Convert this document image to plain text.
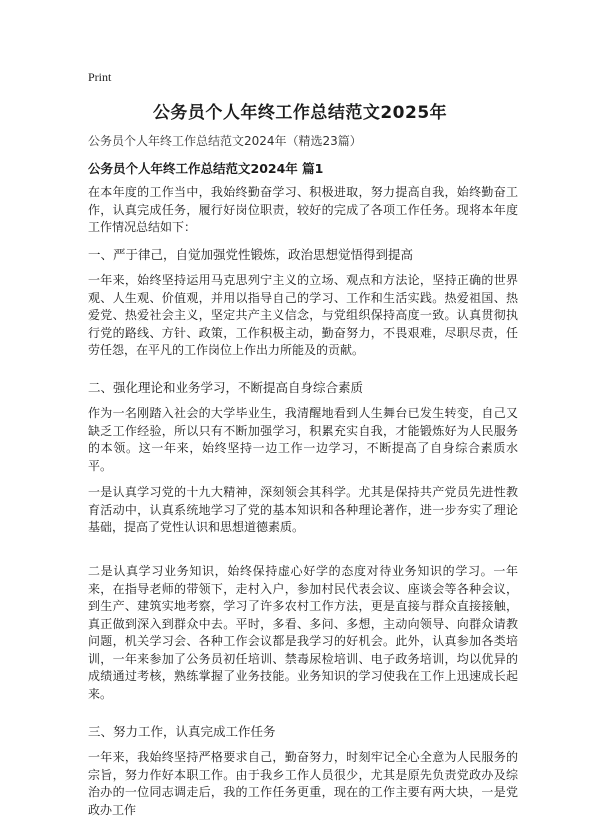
Print
公务员个人年终工作总结范文2025年
公务员个人年终工作总结范文2024年（精选23篇）
公务员个人年终工作总结范文2024年 篇1

在本年度的工作当中，我始终勤奋学习、积极进取，努力提高自我，始终勤奋工作，认真完成任务，履行好岗位职责，较好的完成了各项工作任务。现将本年度工作情况总结如下：

一、严于律己，自觉加强党性锻炼，政治思想觉悟得到提高

一年来，始终坚持运用马克思列宁主义的立场、观点和方法论，坚持正确的世界观、人生观、价值观，并用以指导自己的学习、工作和生活实践。热爱祖国、热爱党、热爱社会主义，坚定共产主义信念，与党组织保持高度一致。认真贯彻执行党的路线、方针、政策，工作积极主动，勤奋努力，不畏艰难，尽职尽责，任劳任怨，在平凡的工作岗位上作出力所能及的贡献。

二、强化理论和业务学习，不断提高自身综合素质

作为一名刚踏入社会的大学毕业生，我清醒地看到人生舞台已发生转变，自己又缺乏工作经验，所以只有不断加强学习，积累充实自我，才能锻炼好为人民服务的本领。这一年来，始终坚持一边工作一边学习，不断提高了自身综合素质水平。

一是认真学习党的十九大精神，深刻领会其科学。尤其是保持共产党员先进性教育活动中，认真系统地学习了党的基本知识和各种理论著作，进一步夯实了理论基础，提高了党性认识和思想道德素质。

二是认真学习业务知识，始终保持虚心好学的态度对待业务知识的学习。一年来，在指导老师的带领下，走村入户，参加村民代表会议、座谈会等各种会议，到生产、建筑实地考察，学习了许多农村工作方法，更是直接与群众直接接触，真正做到深入到群众中去。平时，多看、多问、多想，主动向领导、向群众请教问题，机关学习会、各种工作会议都是我学习的好机会。此外，认真参加各类培训，一年来参加了公务员初任培训、禁毒尿检培训、电子政务培训，均以优异的成绩通过考核，熟练掌握了业务技能。业务知识的学习使我在工作上迅速成长起来。

三、努力工作，认真完成工作任务

一年来，我始终坚持严格要求自己，勤奋努力，时刻牢记全心全意为人民服务的宗旨，努力作好本职工作。由于我乡工作人员很少，尤其是原先负责党政办及综治办的一位同志调走后，我的工作任务更重，现在的工作主要有两大块，一是党政办工作
